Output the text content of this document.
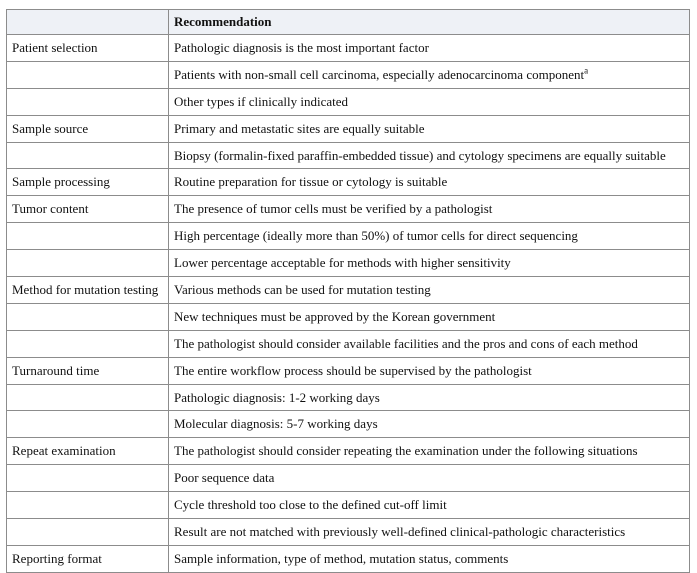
	Recommendation
Patient selection	Pathologic diagnosis is the most important factor
	Patients with non-small cell carcinoma, especially adenocarcinoma component$^a$
	Other types if clinically indicated
Sample source	Primary and metastatic sites are equally suitable
	Biopsy (formalin-fixed paraffin-embedded tissue) and cytology specimens are equally suitable
Sample processing	Routine preparation for tissue or cytology is suitable
Tumor content	The presence of tumor cells must be verified by a pathologist
	High percentage (ideally more than 50%) of tumor cells for direct sequencing
	Lower percentage acceptable for methods with higher sensitivity
Method for mutation testing	Various methods can be used for mutation testing
	New techniques must be approved by the Korean government
	The pathologist should consider available facilities and the pros and cons of each method
Turnaround time	The entire workflow process should be supervised by the pathologist
	Pathologic diagnosis: 1-2 working days
	Molecular diagnosis: 5-7 working days
Repeat examination	The pathologist should consider repeating the examination under the following situations
	Poor sequence data
	Cycle threshold too close to the defined cut-off limit
	Result are not matched with previously well-defined clinical-pathologic characteristics
Reporting format	Sample information, type of method, mutation status, comments
